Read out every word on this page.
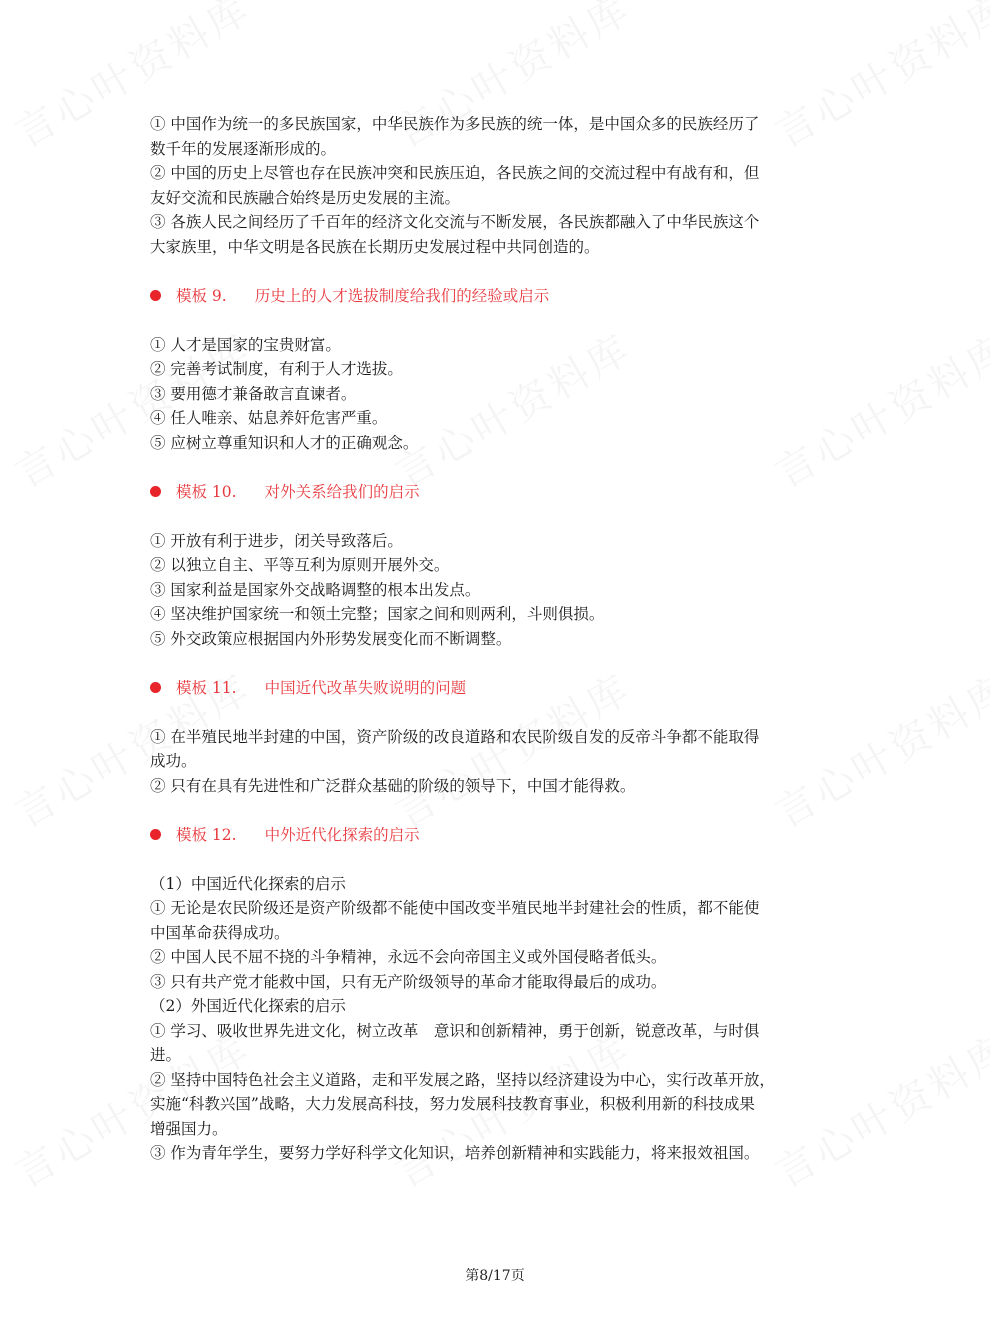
① 中国作为统一的多民族国家，中华民族作为多民族的统一体，是中国众多的民族经历了
数千年的发展逐渐形成的。
② 中国的历史上尽管也存在民族冲突和民族压迫，各民族之间的交流过程中有战有和，但
友好交流和民族融合始终是历史发展的主流。
③ 各族人民之间经历了千百年的经济文化交流与不断发展，各民族都融入了中华民族这个
大家族里，中华文明是各民族在长期历史发展过程中共同创造的。
模板 9. 历史上的人才选拔制度给我们的经验或启示
① 人才是国家的宝贵财富。
② 完善考试制度，有利于人才选拔。
③ 要用德才兼备敢言直谏者。
④ 任人唯亲、姑息养奸危害严重。
⑤ 应树立尊重知识和人才的正确观念。
模板 10. 对外关系给我们的启示
① 开放有利于进步，闭关导致落后。
② 以独立自主、平等互利为原则开展外交。
③ 国家利益是国家外交战略调整的根本出发点。
④ 坚决维护国家统一和领土完整；国家之间和则两利，斗则俱损。
⑤ 外交政策应根据国内外形势发展变化而不断调整。
模板 11. 中国近代改革失败说明的问题
① 在半殖民地半封建的中国，资产阶级的改良道路和农民阶级自发的反帝斗争都不能取得
成功。
② 只有在具有先进性和广泛群众基础的阶级的领导下，中国才能得救。
模板 12. 中外近代化探索的启示
（1）中国近代化探索的启示
① 无论是农民阶级还是资产阶级都不能使中国改变半殖民地半封建社会的性质，都不能使
中国革命获得成功。
② 中国人民不屈不挠的斗争精神，永远不会向帝国主义或外国侵略者低头。
③ 只有共产党才能救中国，只有无产阶级领导的革命才能取得最后的成功。
（2）外国近代化探索的启示
① 学习、吸收世界先进文化，树立改革　意识和创新精神，勇于创新，锐意改革，与时俱
进。
② 坚持中国特色社会主义道路，走和平发展之路，坚持以经济建设为中心，实行改革开放，
实施“科教兴国”战略，大力发展高科技，努力发展科技教育事业，积极利用新的科技成果
增强国力。
③ 作为青年学生，要努力学好科学文化知识，培养创新精神和实践能力，将来报效祖国。
第8/17页
